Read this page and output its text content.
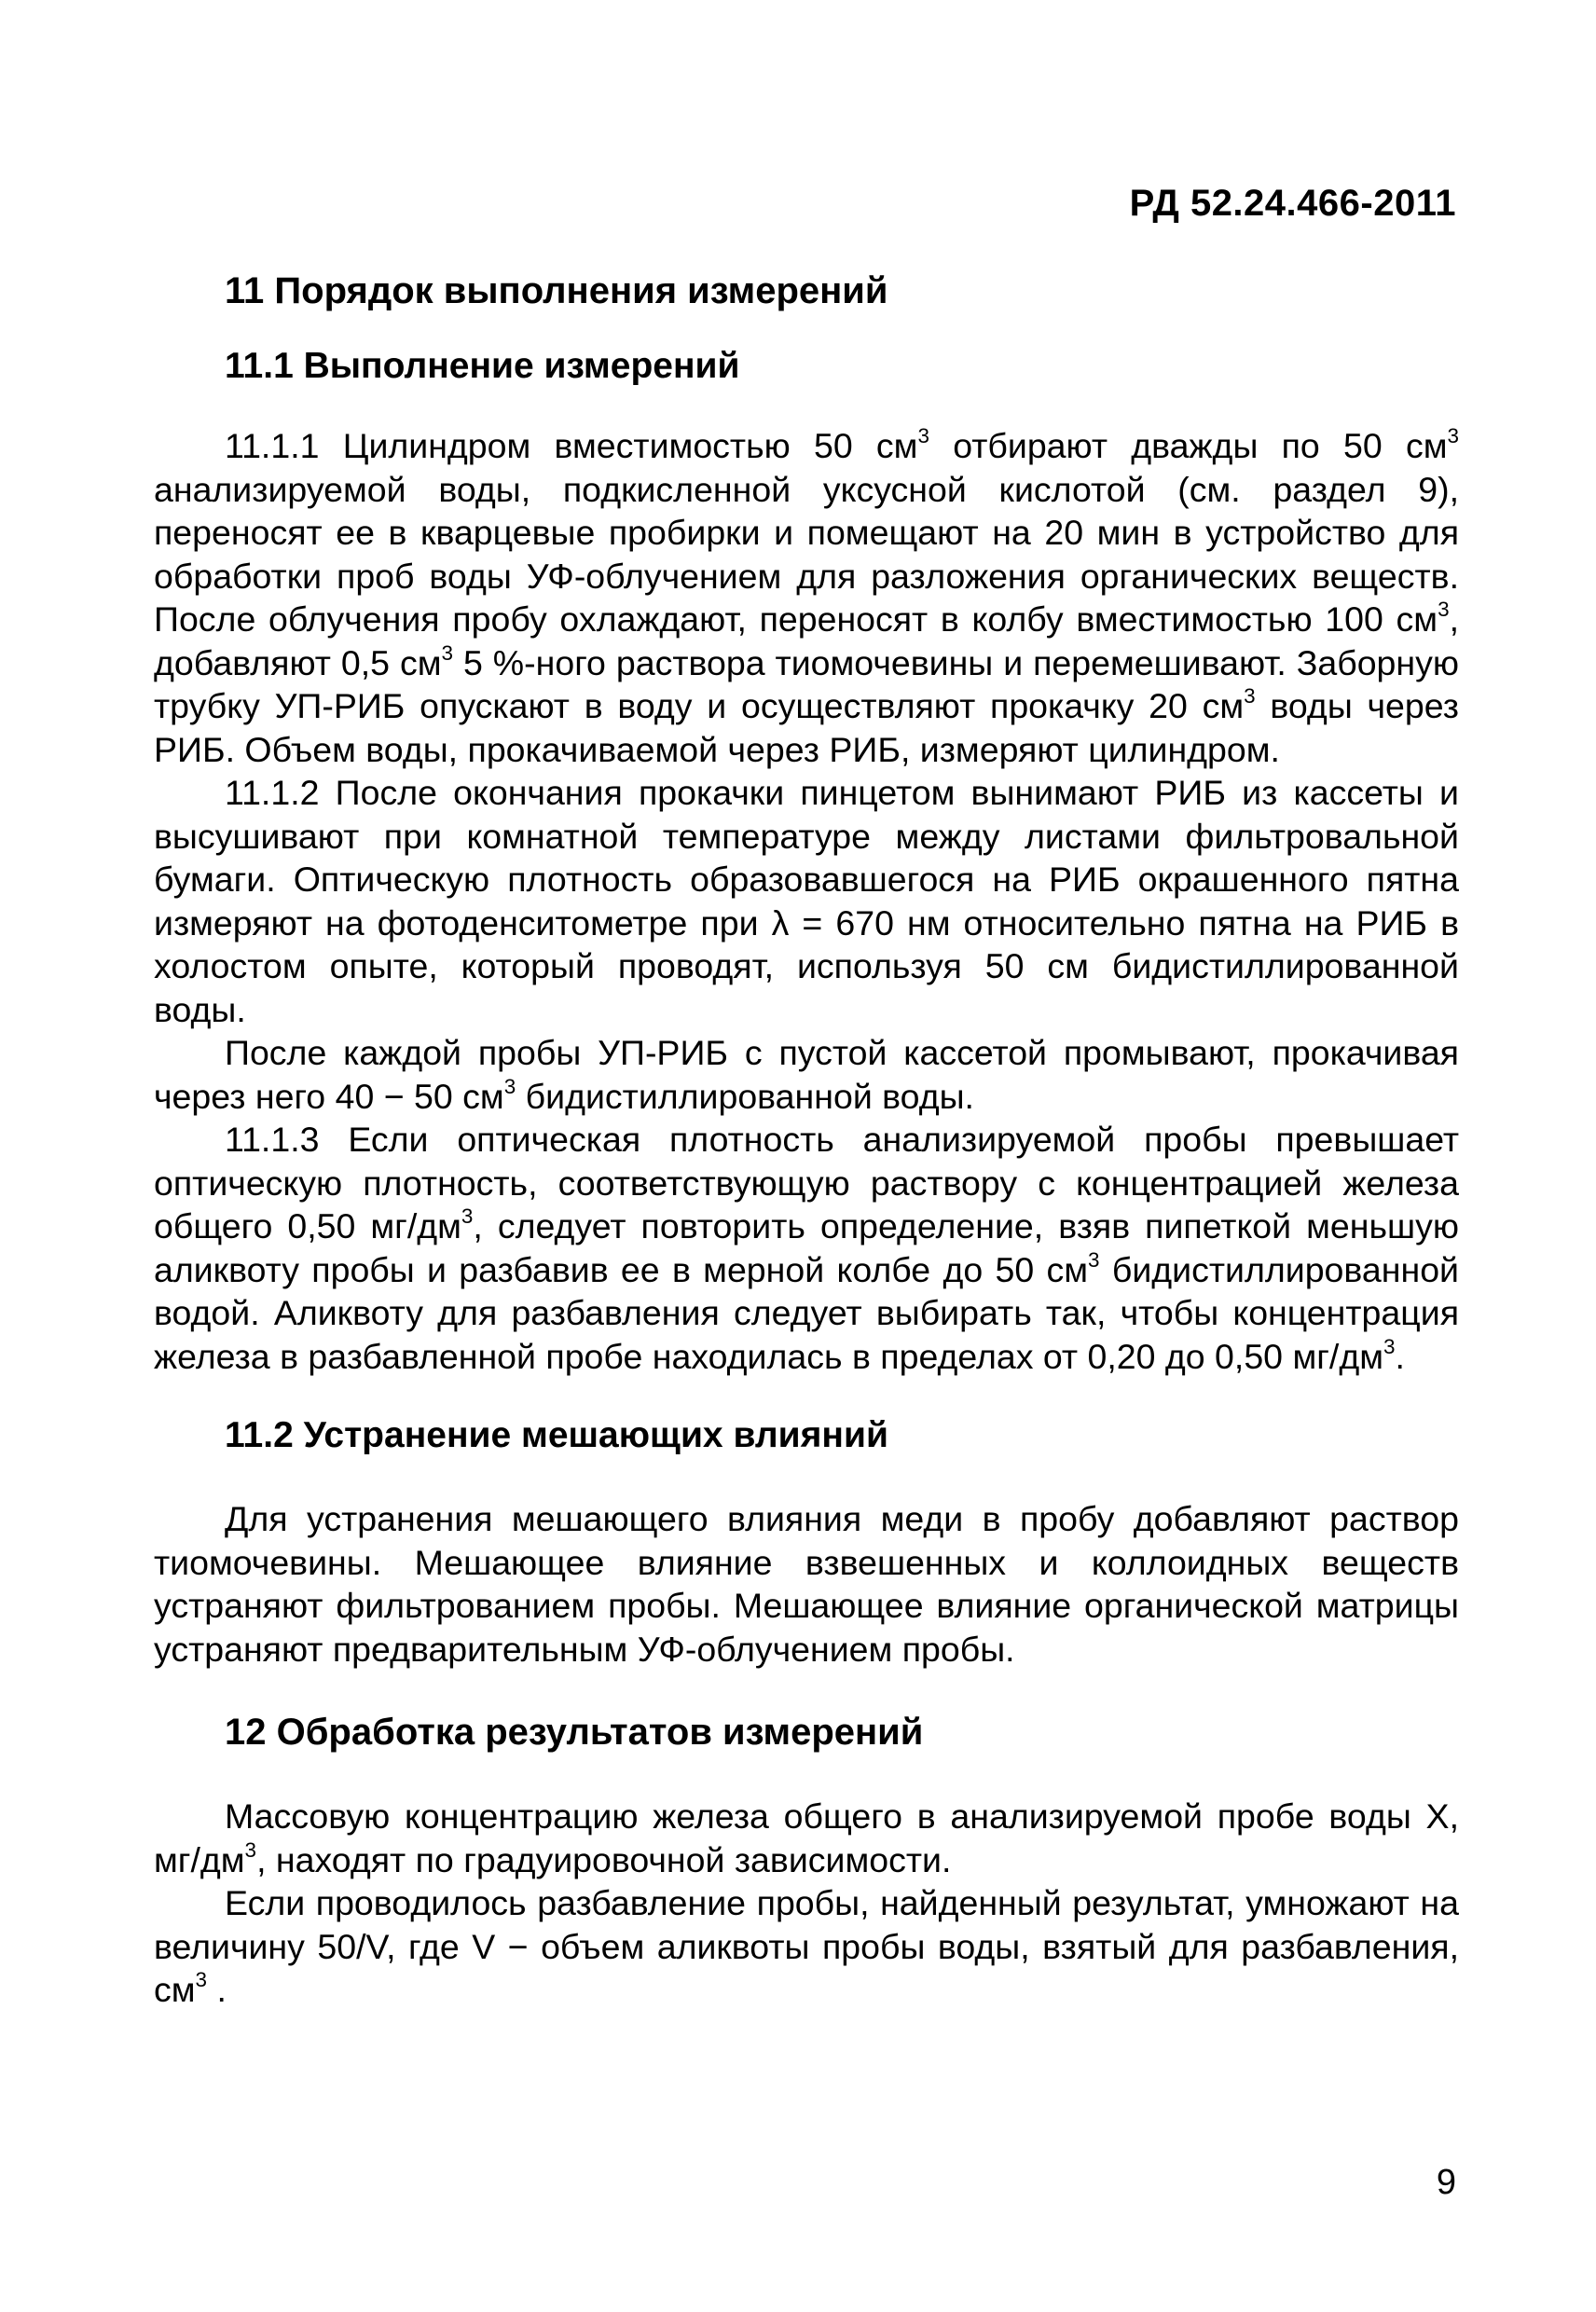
РД 52.24.466-2011
11 Порядок выполнения измерений
11.1 Выполнение измерений

11.1.1 Цилиндром вместимостью 50 $см^3$ отбирают дважды по 50 $см^3$ анализируемой воды, подкисленной уксусной кислотой (см. раздел 9), переносят ее в кварцевые пробирки и помещают на 20 мин в устройство для обработки проб воды УФ-облучением для разложения органических веществ. После облучения пробу охлаждают, переносят в колбу вместимостью 100 $см^3$, добавляют 0,5 $см^3$ 5 %-ного раствора тиомочевины и перемешивают. Заборную трубку УП-РИБ опускают в воду и осуществляют прокачку 20 $см^3$ воды через РИБ. Объем воды, прокачиваемой через РИБ, измеряют цилиндром.

11.1.2 После окончания прокачки пинцетом вынимают РИБ из кассеты и высушивают при комнатной температуре между листами фильтровальной бумаги. Оптическую плотность образовавшегося на РИБ окрашенного пятна измеряют на фотоденситометре при λ = 670 нм относительно пятна на РИБ в холостом опыте, который проводят, используя 50 см бидистиллированной воды.

После каждой пробы УП-РИБ с пустой кассетой промывают, прокачивая через него 40 − 50 $см^3$ бидистиллированной воды.

11.1.3 Если оптическая плотность анализируемой пробы превышает оптическую плотность, соответствующую раствору с концентрацией железа общего 0,50 $мг/дм^3$, следует повторить определение, взяв пипеткой меньшую аликвоту пробы и разбавив ее в мерной колбе до 50 $см^3$ бидистиллированной водой. Аликвоту для разбавления следует выбирать так, чтобы концентрация железа в разбавленной пробе находилась в пределах от 0,20 до 0,50 $мг/дм^3$.

11.2 Устранение мешающих влияний

Для устранения мешающего влияния меди в пробу добавляют раствор тиомочевины. Мешающее влияние взвешенных и коллоидных веществ устраняют фильтрованием пробы. Мешающее влияние органической матрицы устраняют предварительным УФ-облучением пробы.

12 Обработка результатов измерений

Массовую концентрацию железа общего в анализируемой пробе воды X, $мг/дм^3$, находят по градуировочной зависимости.

Если проводилось разбавление пробы, найденный результат, умножают на величину 50/V, где V − объем аликвоты пробы воды, взятый для разбавления, $см^3$ .

9
